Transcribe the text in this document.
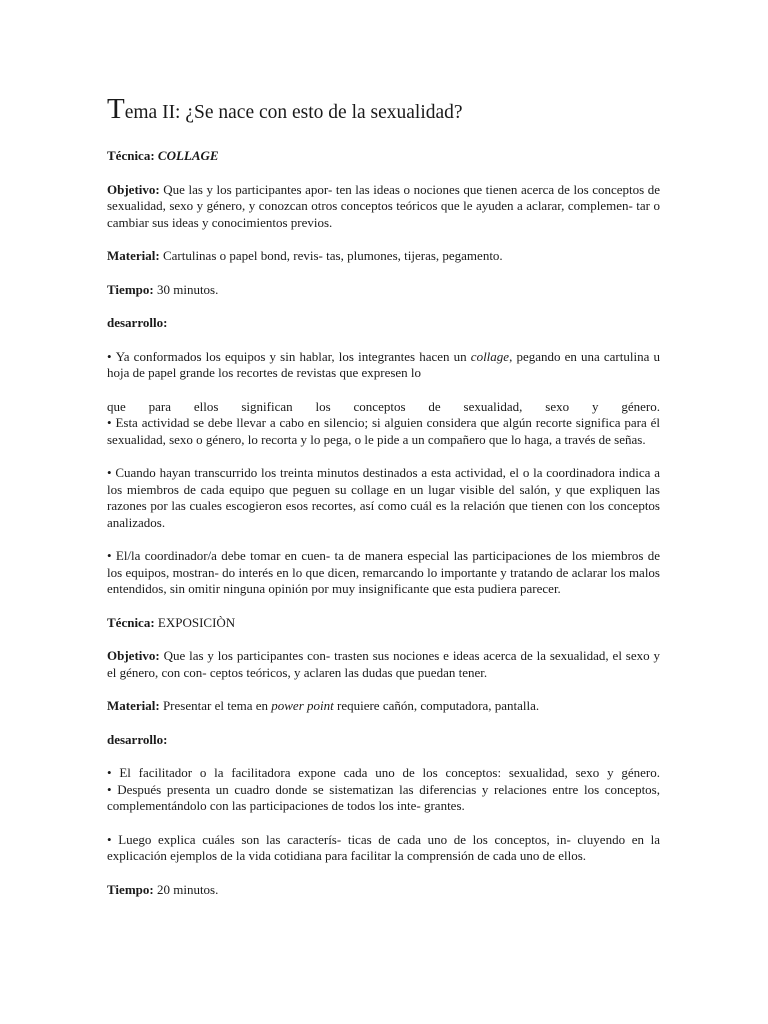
Tema II: ¿Se nace con esto de la sexualidad?

Técnica: COLLAGE

Objetivo: Que las y los participantes apor- ten las ideas o nociones que tienen acerca de los conceptos de sexualidad, sexo y género, y conozcan otros conceptos teóricos que le ayuden a aclarar, complemen- tar o cambiar sus ideas y conocimientos previos.

Material: Cartulinas o papel bond, revis- tas, plumones, tijeras, pegamento.

Tiempo: 30 minutos.

desarrollo:

• Ya conformados los equipos y sin hablar, los integrantes hacen un collage, pegando en una cartulina u hoja de papel grande los recortes de revistas que expresen lo

que para ellos significan los conceptos de sexualidad, sexo y género.
• Esta actividad se debe llevar a cabo en silencio; si alguien considera que algún recorte significa para él sexualidad, sexo o género, lo recorta y lo pega, o le pide a un compañero que lo haga, a través de señas.

• Cuando hayan transcurrido los treinta minutos destinados a esta actividad, el o la coordinadora indica a los miembros de cada equipo que peguen su collage en un lugar visible del salón, y que expliquen las razones por las cuales escogieron esos recortes, así como cuál es la relación que tienen con los conceptos analizados.

• El/la coordinador/a debe tomar en cuen- ta de manera especial las participaciones de los miembros de los equipos, mostran- do interés en lo que dicen, remarcando lo importante y tratando de aclarar los malos entendidos, sin omitir ninguna opinión por muy insignificante que esta pudiera parecer.

Técnica: EXPOSICIÒN

Objetivo: Que las y los participantes con- trasten sus nociones e ideas acerca de la sexualidad, el sexo y el género, con con- ceptos teóricos, y aclaren las dudas que puedan tener.

Material: Presentar el tema en power point requiere cañón, computadora, pantalla.

desarrollo:

• El facilitador o la facilitadora expone cada uno de los conceptos: sexualidad, sexo y género.
• Después presenta un cuadro donde se sistematizan las diferencias y relaciones entre los conceptos, complementándolo con las participaciones de todos los inte- grantes.

• Luego explica cuáles son las caracterís- ticas de cada uno de los conceptos, in- cluyendo en la explicación ejemplos de la vida cotidiana para facilitar la comprensión de cada uno de ellos.

Tiempo: 20 minutos.
